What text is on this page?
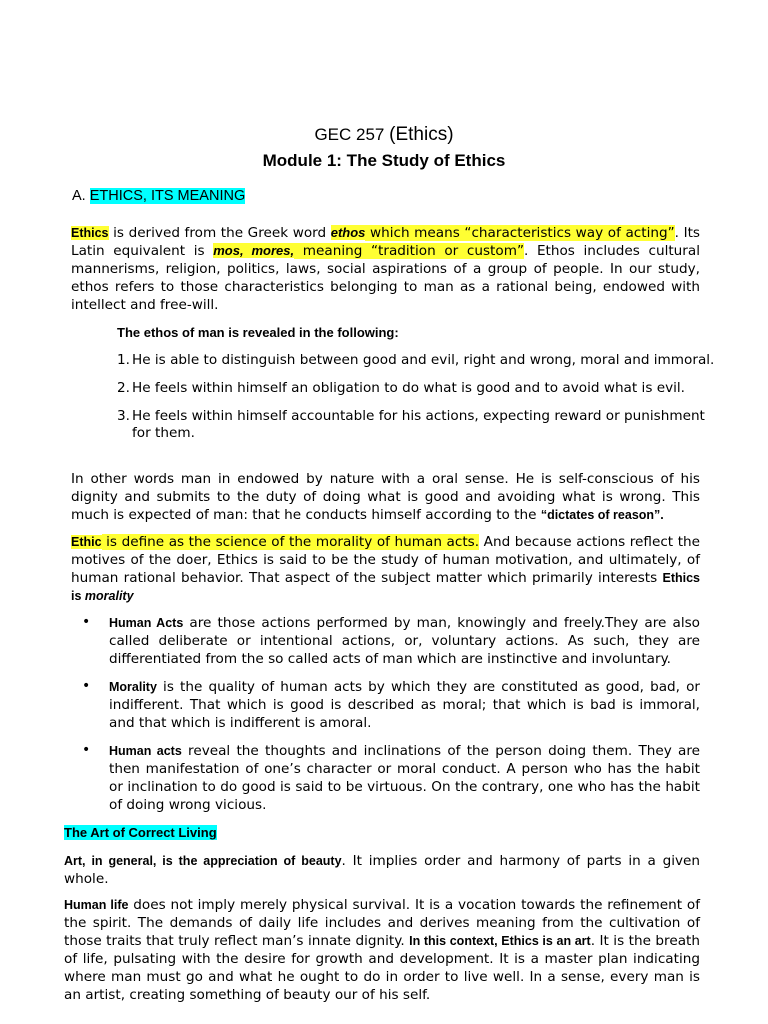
GEC 257 (Ethics)
Module 1: The Study of Ethics
A. ETHICS, ITS MEANING
Ethics is derived from the Greek word ethos which means “characteristics way of acting”. Its Latin equivalent is mos, mores, meaning “tradition or custom”. Ethos includes cultural mannerisms, religion, politics, laws, social aspirations of a group of people. In our study, ethos refers to those characteristics belonging to man as a rational being, endowed with intellect and free-will.
The ethos of man is revealed in the following:
1. He is able to distinguish between good and evil, right and wrong, moral and immoral.
2. He feels within himself an obligation to do what is good and to avoid what is evil.
3. He feels within himself accountable for his actions, expecting reward or punishment for them.
In other words man in endowed by nature with a oral sense. He is self-conscious of his dignity and submits to the duty of doing what is good and avoiding what is wrong. This much is expected of man: that he conducts himself according to the “dictates of reason”.
Ethic is define as the science of the morality of human acts. And because actions reflect the motives of the doer, Ethics is said to be the study of human motivation, and ultimately, of human rational behavior. That aspect of the subject matter which primarily interests Ethics is morality
• Human Acts are those actions performed by man, knowingly and freely.They are also called deliberate or intentional actions, or, voluntary actions. As such, they are differentiated from the so called acts of man which are instinctive and involuntary.
• Morality is the quality of human acts by which they are constituted as good, bad, or indifferent. That which is good is described as moral; that which is bad is immoral, and that which is indifferent is amoral.
• Human acts reveal the thoughts and inclinations of the person doing them. They are then manifestation of one’s character or moral conduct. A person who has the habit or inclination to do good is said to be virtuous. On the contrary, one who has the habit of doing wrong vicious.
The Art of Correct Living
Art, in general, is the appreciation of beauty. It implies order and harmony of parts in a given whole.
Human life does not imply merely physical survival. It is a vocation towards the refinement of the spirit. The demands of daily life includes and derives meaning from the cultivation of those traits that truly reflect man’s innate dignity. In this context, Ethics is an art. It is the breath of life, pulsating with the desire for growth and development. It is a master plan indicating where man must go and what he ought to do in order to live well. In a sense, every man is an artist, creating something of beauty our of his self.
